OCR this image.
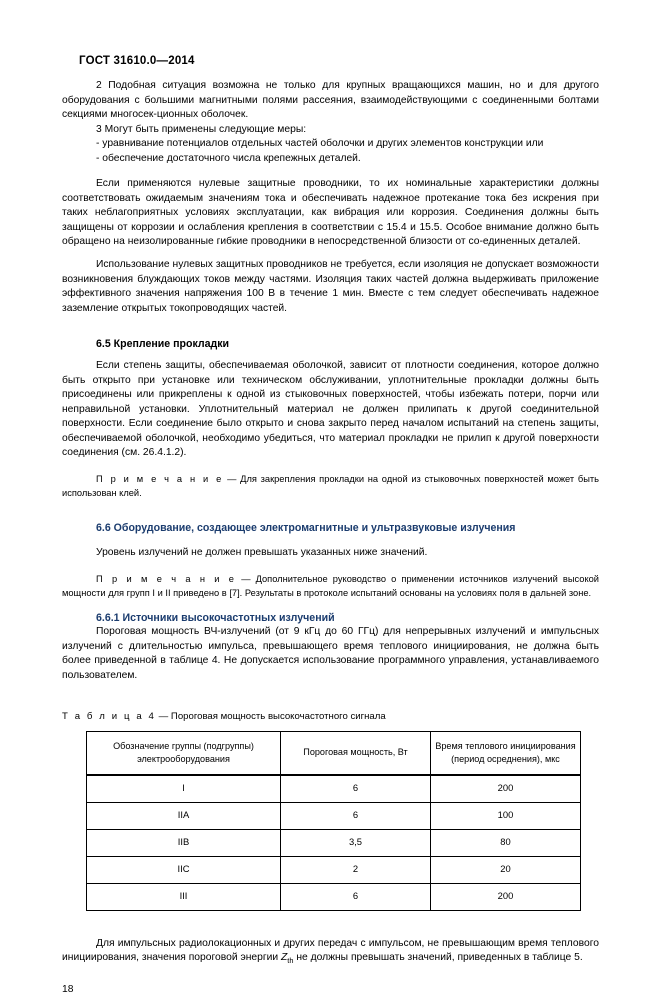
ГОСТ 31610.0—2014

2 Подобная ситуация возможна не только для крупных вращающихся машин, но и для другого оборудования с большими магнитными полями рассеяния, взаимодействующими с соединенными болтами секциями многосек-ционных оболочек.

3 Могут быть применены следующие меры:

- уравнивание потенциалов отдельных частей оболочки и других элементов конструкции или

- обеспечение достаточного числа крепежных деталей.

Если применяются нулевые защитные проводники, то их номинальные характеристики должны соответствовать ожидаемым значениям тока и обеспечивать надежное протекание тока без искрения при таких неблагоприятных условиях эксплуатации, как вибрация или коррозия. Соединения должны быть защищены от коррозии и ослабления крепления в соответствии с 15.4 и 15.5. Особое внимание должно быть обращено на неизолированные гибкие проводники в непосредственной близости от со-единенных деталей.

Использование нулевых защитных проводников не требуется, если изоляция не допускает возможности возникновения блуждающих токов между частями. Изоляция таких частей должна выдерживать приложение эффективного значения напряжения 100 В в течение 1 мин. Вместе с тем следует обеспечивать надежное заземление открытых токопроводящих частей.

6.5 Крепление прокладки

Если степень защиты, обеспечиваемая оболочкой, зависит от плотности соединения, которое должно быть открыто при установке или техническом обслуживании, уплотнительные прокладки должны быть присоединены или прикреплены к одной из стыковочных поверхностей, чтобы избежать потери, порчи или неправильной установки. Уплотнительный материал не должен прилипать к другой соединительной поверхности. Если соединение было открыто и снова закрыто перед началом испытаний на степень защиты, обеспечиваемой оболочкой, необходимо убедиться, что материал прокладки не прилип к другой поверхности соединения (см. 26.4.1.2).

П р и м е ч а н и е — Для закрепления прокладки на одной из стыковочных поверхностей может быть использован клей.

6.6 Оборудование, создающее электромагнитные и ультразвуковые излучения

Уровень излучений не должен превышать указанных ниже значений.

П р и м е ч а н и е — Дополнительное руководство о применении источников излучений высокой мощности для групп I и II приведено в [7]. Результаты в протоколе испытаний основаны на условиях поля в дальней зоне.

6.6.1 Источники высокочастотных излучений

Пороговая мощность ВЧ-излучений (от 9 кГц до 60 ГГц) для непрерывных излучений и импульсных излучений с длительностью импульса, превышающего время теплового инициирования, не должна быть более приведенной в таблице 4. Не допускается использование программного управления, устанавливаемого пользователем.

Т а б л и ц а 4 — Пороговая мощность высокочастотного сигнала

Обозначение группы (подгруппы) электрооборудования	Пороговая мощность, Вт	Время теплового инициирования (период осреднения), мкс
I	6	200
IIA	6	100
IIB	3,5	80
IIC	2	20
III	6	200

Для импульсных радиолокационных и других передач с импульсом, не превышающим время теплового инициирования, значения пороговой энергии $Z_{th}$ не должны превышать значений, приведенных в таблице 5.

18
